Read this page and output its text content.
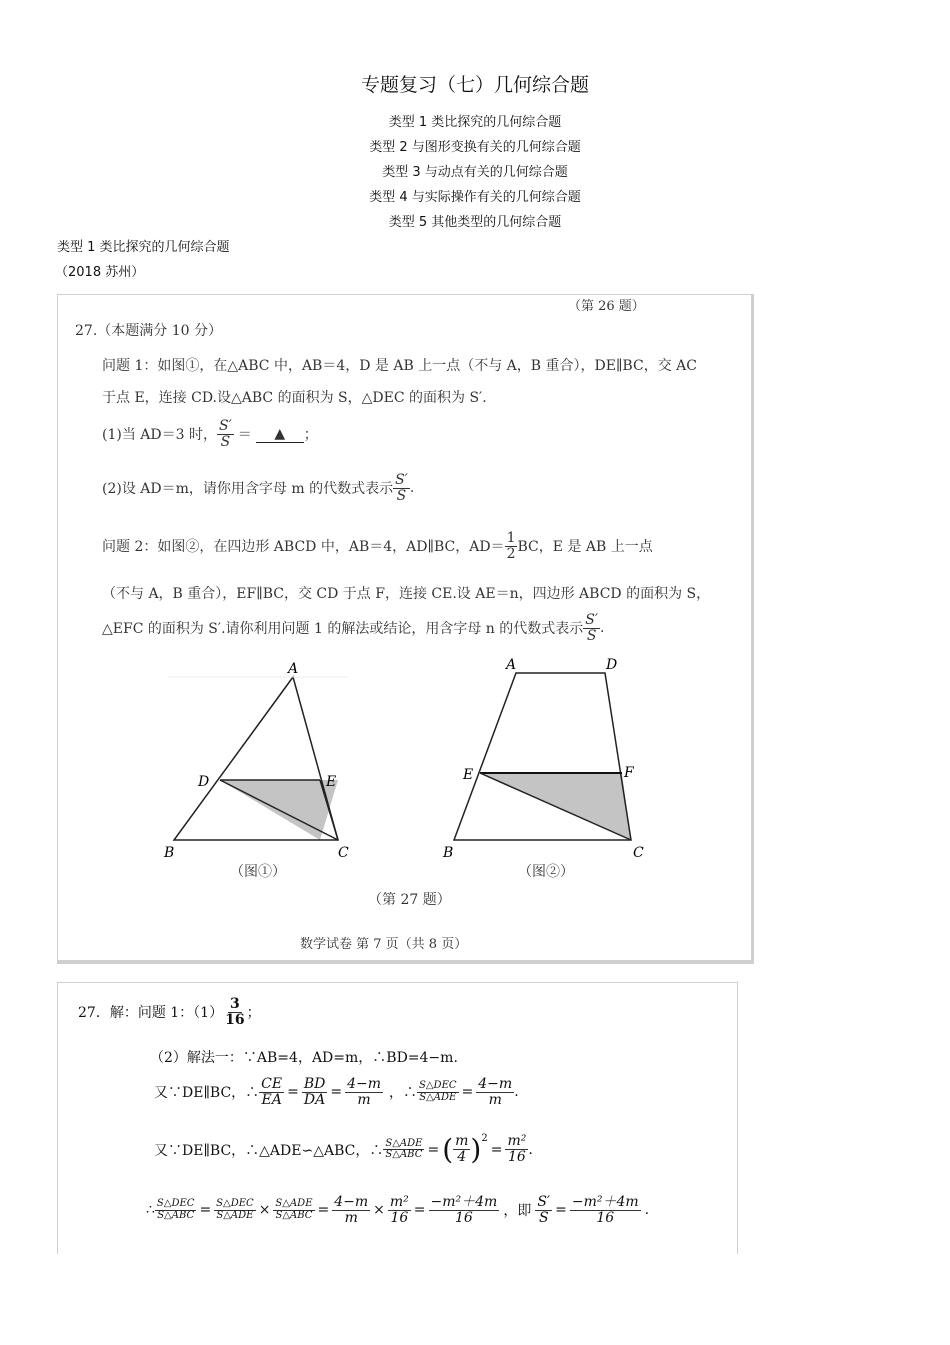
专题复习（七）几何综合题
类型 1 类比探究的几何综合题
类型 2 与图形变换有关的几何综合题
类型 3 与动点有关的几何综合题
类型 4 与实际操作有关的几何综合题
类型 5 其他类型的几何综合题
类型 1 类比探究的几何综合题
（2018 苏州）
（第 26 题）
27.（本题满分 10 分）
问题 1：如图①，在△ABC 中，AB＝4，D 是 AB 上一点（不与 A，B 重合），DE∥BC，交 AC
于点 E，连接 CD.设△ABC 的面积为 S，△DEC 的面积为 S′.
(1)当 AD＝3 时， $\frac{S'}{S}$ ＝	▲	；
(2)设 AD＝m，请你用含字母 m 的代数式表示 $\frac{S'}{S}$ .
问题 2：如图②，在四边形 ABCD 中，AB＝4，AD∥BC，$AD= \frac{1}{2}$ BC，E 是 AB 上一点
（不与 A，B 重合），EF∥BC，交 CD 于点 F，连接 CE.设 AE＝n，四边形 ABCD 的面积为 S，
△EFC 的面积为 S′.请你利用问题 1 的解法或结论，用含字母 n 的代数式表示 $\frac{S'}{S}$ .
A
D	E
B	C
A	D
E	F
B	C
（图①）	（图②）
（第 27 题）
数学试卷 第 7 页（共 8 页）
27．解：问题 1：$(1) \frac{3}{16}$ ；
（2）解法一：∵AB=4，AD=m，∴BD=4−m.
又∵DE∥BC，∴ $\frac{CE}{EA} = \frac{BD}{DA} = \frac{4-m}{m}$ ，∴ $\frac{\text{S△DEC}}{\text{S△ADE}} = \frac{4-m}{m}$ .
又∵DE∥BC，∴△ADE∽△ABC，∴ $\frac{\text{S△ADE}}{\text{S△ABC}}$ = ( $\frac{m}{4} )^2$
= $\frac{\text{m²}}{16}$ .
∴ $\frac{\text{S△DEC}}{\text{S△ABC}} = \frac{\text{S△DEC}}{\text{S△ADE}} \times \frac{\text{S△ADE}}{\text{S△ABC}} = \frac{4-m}{m} \times \frac{\text{m²}}{16} = \frac{\text{−m²＋4m}}{16}$ ，即 $\frac{S'}{S} = \frac{\text{−m²＋4m}}{16}$ .
